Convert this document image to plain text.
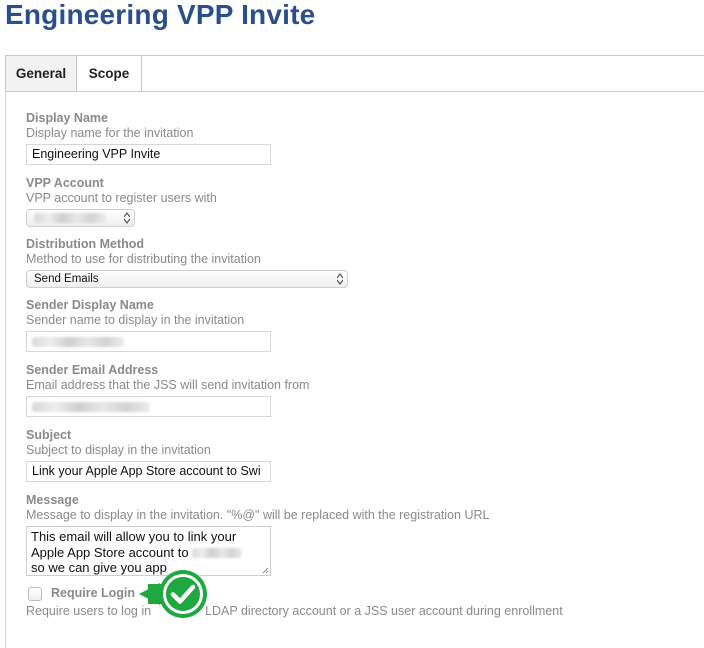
Engineering VPP Invite
General	Scope
Display Name
Display name for the invitation
Engineering VPP Invite
VPP Account
VPP account to register users with
Distribution Method
Method to use for distributing the invitation
Send Emails
Sender Display Name
Sender name to display in the invitation
Sender Email Address
Email address that the JSS will send invitation from
Subject
Subject to display in the invitation
Link your Apple App Store account to Swi
Message
Message to display in the invitation. "%@" will be replaced with the registration URL
This email will allow you to link your
Apple App Store account to
so we can give you app
Require Login
Require users to log in	LDAP directory account or a JSS user account during enrollment
